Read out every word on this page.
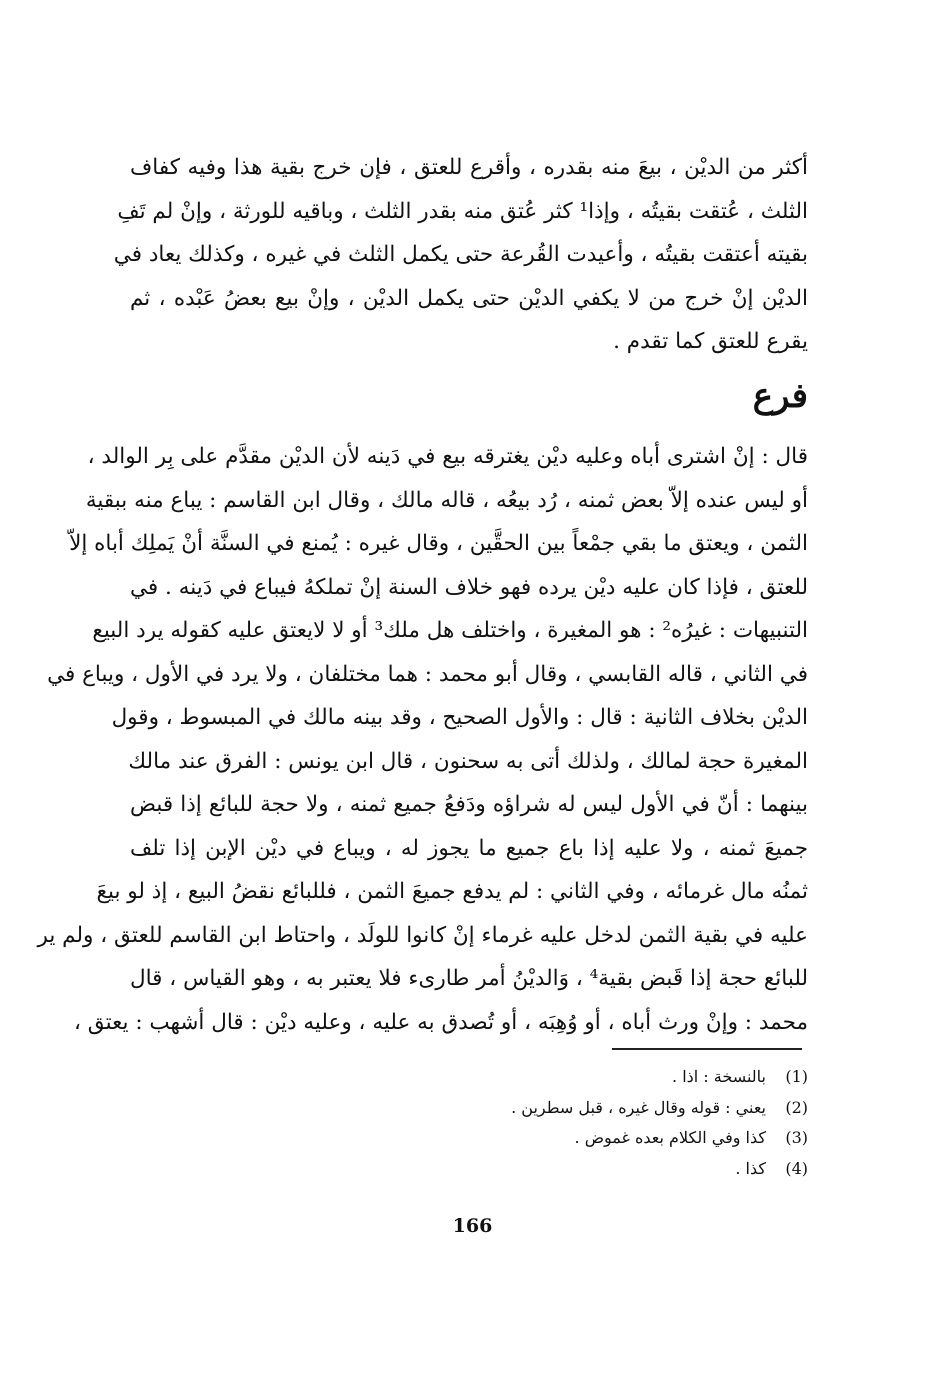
أكثر من الديْن ، بيعَ منه بقدره ، وأقرع للعتق ، فإن خرج بقية هذا وفيه كفاف
الثلث ، عُتقت بقيتُه ، وإذا¹ كثر عُتق منه بقدر الثلث ، وباقيه للورثة ، وإنْ لم تَفِ
بقيته أعتقت بقيتُه ، وأعيدت القُرعة حتى يكمل الثلث في غيره ، وكذلك يعاد في
الديْن إنْ خرج من لا يكفي الديْن حتى يكمل الديْن ، وإنْ بيع بعضُ عَبْده ، ثم
يقرع للعتق كما تقدم .
فرع
قال : إنْ اشترى أباه وعليه ديْن يغترقه بيع في دَينه لأن الديْن مقدَّم على بِر الوالد ،
أو ليس عنده إلاّ بعض ثمنه ، رُد بيعُه ، قاله مالك ، وقال ابن القاسم : يباع منه ببقية
الثمن ، ويعتق ما بقي جمْعاً بين الحقَّين ، وقال غيره : يُمنع في السنَّة أنْ يَملِك أباه إلاّ
للعتق ، فإذا كان عليه ديْن يرده فهو خلاف السنة إنْ تملكهُ فيباع في دَينه . في
التنبيهات : غيرُه² : هو المغيرة ، واختلف هل ملك³ أو لا لايعتق عليه كقوله يرد البيع
في الثاني ، قاله القابسي ، وقال أبو محمد : هما مختلفان ، ولا يرد في الأول ، ويباع في
الديْن بخلاف الثانية : قال : والأول الصحيح ، وقد بينه مالك في المبسوط ، وقول
المغيرة حجة لمالك ، ولذلك أتى به سحنون ، قال ابن يونس : الفرق عند مالك
بينهما : أنّ في الأول ليس له شراؤه ودَفعُ جميع ثمنه ، ولا حجة للبائع إذا قبض
جميعَ ثمنه ، ولا عليه إذا باع جميع ما يجوز له ، ويباع في ديْن الإبن إذا تلف
ثمنُه مال غرمائه ، وفي الثاني : لم يدفع جميعَ الثمن ، فللبائع نقضُ البيع ، إذ لو بيعَ
عليه في بقية الثمن لدخل عليه غرماء إنْ كانوا للولَد ، واحتاط ابن القاسم للعتق ، ولم ير
للبائع حجة إذا قَبض بقية⁴ ، وَالديْنُ أمر طارىء فلا يعتبر به ، وهو القياس ، قال
محمد : وإنْ ورث أباه ، أو وُهِبَه ، أو تُصدق به عليه ، وعليه ديْن : قال أشهب : يعتق ،
(1)
بالنسخة : اذا .
(2)
يعني : قوله وقال غيره ، قبل سطرين .
(3)
كذا وفي الكلام بعده غموض .
(4)
كذا .
166
